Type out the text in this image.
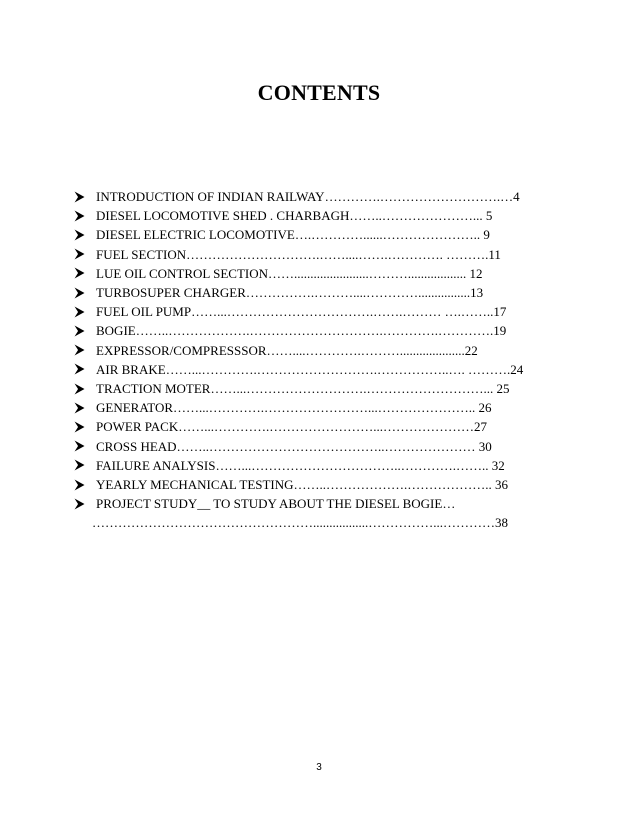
CONTENTS
INTRODUCTION OF INDIAN RAILWAY………….……………………….…4
DIESEL LOCOMOTIVE SHED . CHARBAGH……..…………………... 5
DIESEL ELECTRIC LOCOMOTIVE….…………......………………….. 9
FUEL SECTION………………………….……....…….…………. ……….11
LUE OIL CONTROL SECTION…….......................……….................. 12
TURBOSUPER CHARGER…………….………....…………................13
FUEL OIL PUMP……...…………………………….…….……… ….……..17
BOGIE……..……………….………………………….………….………….19
EXPRESSOR/COMPRESSSOR……....………….………....................22
AIR BRAKE……...………….……………………….……………..…. ……….24
TRACTION MOTER……...……………………….………………………... 25
GENERATOR……...………….……………………...………………….. 26
POWER PACK……...………….……………………...…………………27
CROSS HEAD……..…………………………………..………………… 30
FAILURE ANALYSIS……...……………………………..………….…….. 32
YEARLY MECHANICAL TESTING……..……………….……………….. 36
PROJECT STUDY__ TO STUDY ABOUT THE DIESEL BOGIE…
…………………………………………….................……………...…………38
3
